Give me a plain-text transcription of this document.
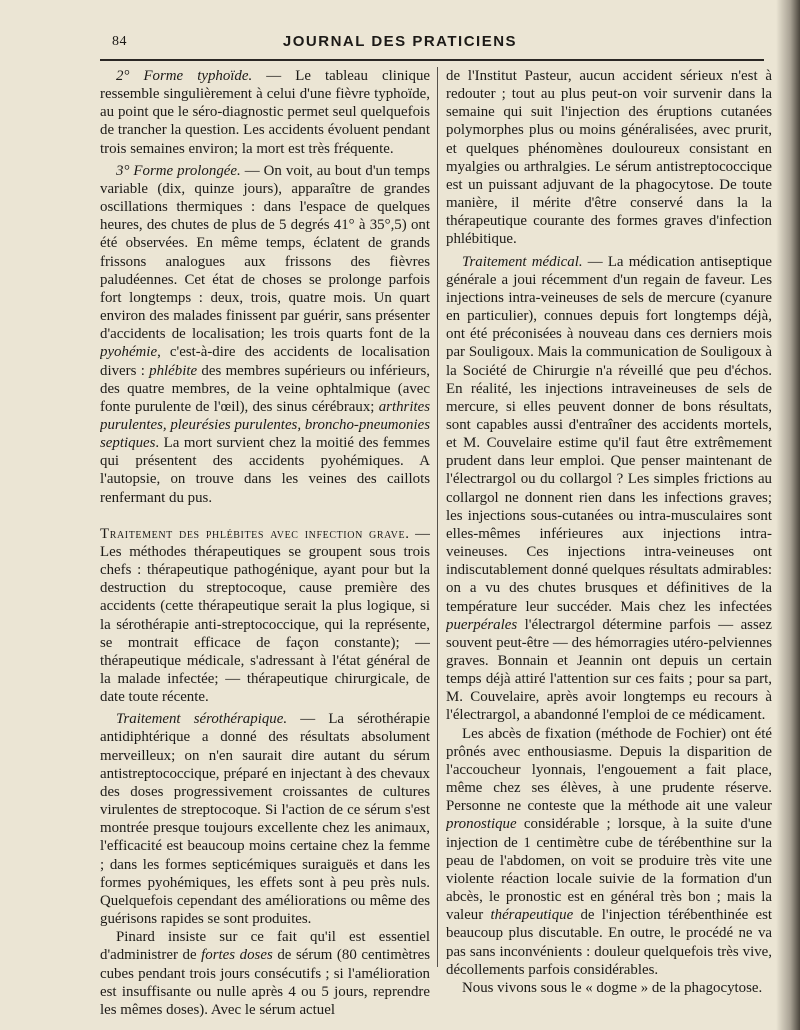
84	JOURNAL DES PRATICIENS

2° Forme typhoïde. — Le tableau clinique ressemble singulièrement à celui d'une fièvre typhoïde, au point que le séro-diagnostic permet seul quelquefois de trancher la question. Les accidents évoluent pendant trois semaines environ; la mort est très fréquente.

3° Forme prolongée. — On voit, au bout d'un temps variable (dix, quinze jours), apparaître de grandes oscillations thermiques : dans l'espace de quelques heures, des chutes de plus de 5 degrés 41° à 35°,5) ont été observées. En même temps, éclatent de grands frissons analogues aux frissons des fièvres paludéennes. Cet état de choses se prolonge parfois fort longtemps : deux, trois, quatre mois. Un quart environ des malades finissent par guérir, sans présenter d'accidents de localisation; les trois quarts font de la pyohémie, c'est-à-dire des accidents de localisation divers : phlébite des membres supérieurs ou inférieurs, des quatre membres, de la veine ophtalmique (avec fonte purulente de l'œil), des sinus cérébraux; arthrites purulentes, pleurésies purulentes, broncho-pneumonies septiques. La mort survient chez la moitié des femmes qui présentent des accidents pyohémiques. A l'autopsie, on trouve dans les veines des caillots renfermant du pus.

Traitement des phlébites avec infection grave. — Les méthodes thérapeutiques se groupent sous trois chefs : thérapeutique pathogénique, ayant pour but la destruction du streptocoque, cause première des accidents (cette thérapeutique serait la plus logique, si la sérothérapie anti-streptococcique, qui la représente, se montrait efficace de façon constante); — thérapeutique médicale, s'adressant à l'état général de la malade infectée; — thérapeutique chirurgicale, de date toute récente.

Traitement sérothérapique. — La sérothérapie antidiphtérique a donné des résultats absolument merveilleux; on n'en saurait dire autant du sérum antistreptococcique, préparé en injectant à des chevaux des doses progressivement croissantes de cultures virulentes de streptocoque. Si l'action de ce sérum s'est montrée presque toujours excellente chez les animaux, l'efficacité est beaucoup moins certaine chez la femme ; dans les formes septicémiques suraiguës et dans les formes pyohémiques, les effets sont à peu près nuls. Quelquefois cependant des améliorations ou même des guérisons rapides se sont produites.

Pinard insiste sur ce fait qu'il est essentiel d'administrer de fortes doses de sérum (80 centimètres cubes pendant trois jours consécutifs ; si l'amélioration est insuffisante ou nulle après 4 ou 5 jours, reprendre les mêmes doses). Avec le sérum actuel

de l'Institut Pasteur, aucun accident sérieux n'est à redouter ; tout au plus peut-on voir survenir dans la semaine qui suit l'injection des éruptions cutanées polymorphes plus ou moins généralisées, avec prurit, et quelques phénomènes douloureux consistant en myalgies ou arthralgies. Le sérum antistreptococcique est un puissant adjuvant de la phagocytose. De toute manière, il mérite d'être conservé dans la la thérapeutique courante des formes graves d'infection phlébitique.

Traitement médical. — La médication antiseptique générale a joui récemment d'un regain de faveur. Les injections intra-veineuses de sels de mercure (cyanure en particulier), connues depuis fort longtemps déjà, ont été préconisées à nouveau dans ces derniers mois par Souligoux. Mais la communication de Souligoux à la Société de Chirurgie n'a réveillé que peu d'échos. En réalité, les injections intraveineuses de sels de mercure, si elles peuvent donner de bons résultats, sont capables aussi d'entraîner des accidents mortels, et M. Couvelaire estime qu'il faut être extrêmement prudent dans leur emploi. Que penser maintenant de l'électrargol ou du collargol ? Les simples frictions au collargol ne donnent rien dans les infections graves; les injections sous-cutanées ou intra-musculaires sont elles-mêmes inférieures aux injections intra-veineuses. Ces injections intra-veineuses ont indiscutablement donné quelques résultats admirables: on a vu des chutes brusques et définitives de la température leur succéder. Mais chez les infectées puerpérales l'électrargol détermine parfois — assez souvent peut-être — des hémorragies utéro-pelviennes graves. Bonnain et Jeannin ont depuis un certain temps déjà attiré l'attention sur ces faits ; pour sa part, M. Couvelaire, après avoir longtemps eu recours à l'électrargol, a abandonné l'emploi de ce médicament.

Les abcès de fixation (méthode de Fochier) ont été prônés avec enthousiasme. Depuis la disparition de l'accoucheur lyonnais, l'engouement a fait place, même chez ses élèves, à une prudente réserve. Personne ne conteste que la méthode ait une valeur pronostique considérable ; lorsque, à la suite d'une injection de 1 centimètre cube de térébenthine sur la peau de l'abdomen, on voit se produire très vite une violente réaction locale suivie de la formation d'un abcès, le pronostic est en général très bon ; mais la valeur thérapeutique de l'injection térébenthinée est beaucoup plus discutable. En outre, le procédé ne va pas sans inconvénients : douleur quelquefois très vive, décollements parfois considérables.

Nous vivons sous le « dogme » de la phagocytose.
